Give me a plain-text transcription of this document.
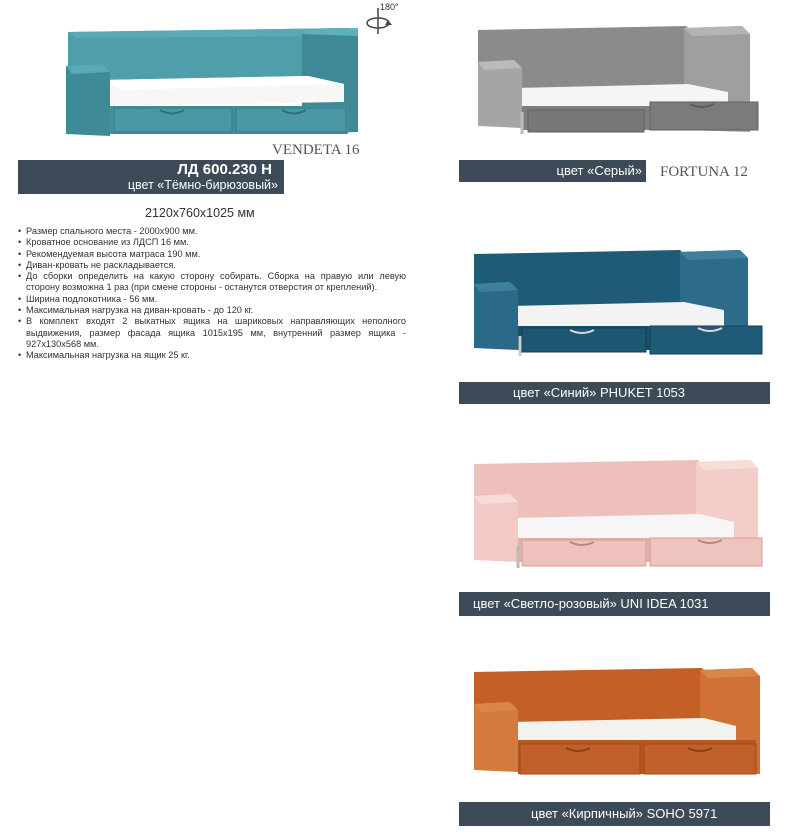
180°
VENDETA 16
ЛД 600.230 Н
цвет «Тёмно-бирюзовый»
2120х760х1025 мм
• Размер спального места - 2000х900 мм.
• Кроватное основание из ЛДСП 16 мм.
• Рекомендуемая высота матраса 190 мм.
• Диван-кровать не раскладывается.
• До сборки определить на какую сторону собирать. Сборка на правую или левую сторону возможна 1 раз (при смене стороны - останутся отверстия от креплений).
• Ширина подлокотника - 56 мм.
• Максимальная нагрузка на диван-кровать - до 120 кг.
• В комплект входят 2 выкатных ящика на шариковых направляющих неполного выдвижения, размер фасада ящика 1015х195 мм, внутренний размер ящика - 927х130х568 мм.
• Максимальная нагрузка на ящик 25 кг.
цвет «Серый» FORTUNA 12
цвет «Синий» PHUKET 1053
цвет «Светло-розовый» UNI IDEA 1031
цвет «Кирпичный» SOHO 5971
